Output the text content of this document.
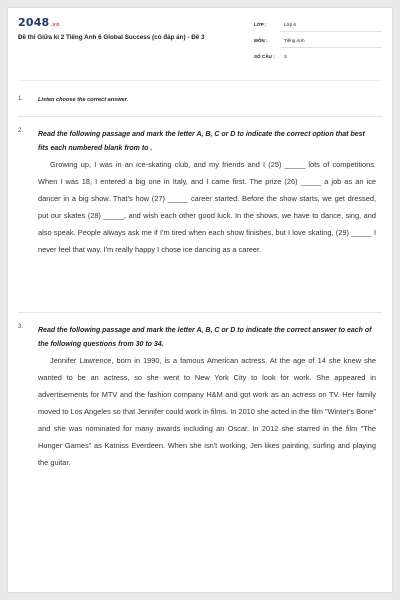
2048.vn
Đề thi Giữa kì 2 Tiếng Anh 6 Global Success (có đáp án) - Đề 3
LỚP :	Lớp 6
MÔN :	Tiếng Anh
SỐ CÂU : 3
1.	Listen choose the correct answer.
2. Read the following passage and mark the letter A, B, C or D to indicate the correct option that best fits each numbered blank from to .
Growing up, I was in an ice-skating club, and my friends and I (25) _____ lots of competitions. When I was 18, I entered a big one in Italy, and I came first. The prize (26) _____ a job as an ice dancer in a big show. That's how (27) _____ career started. Before the show starts, we get dressed, put our skates (28) _____, and wish each other good luck. In the shows, we have to dance, sing, and also speak. People always ask me if I'm tired when each show finishes, but I love skating, (29) _____ I never feel that way. I'm really happy I chose ice dancing as a career.
3. Read the following passage and mark the letter A, B, C or D to indicate the correct answer to each of the following questions from 30 to 34.
Jennifer Lawrence, born in 1990, is a famous American actress. At the age of 14 she knew she wanted to be an actress, so she went to New York City to look for work. She appeared in advertisements for MTV and the fashion company H&M and got work as an actress on TV. Her family moved to Los Angeles so that Jennifer could work in films. In 2010 she acted in the film "Winter's Bone" and she was nominated for many awards including an Oscar. In 2012 she starred in the film "The Hunger Games" as Katniss Everdeen. When she isn't working, Jen likes painting, surfing and playing the guitar.
